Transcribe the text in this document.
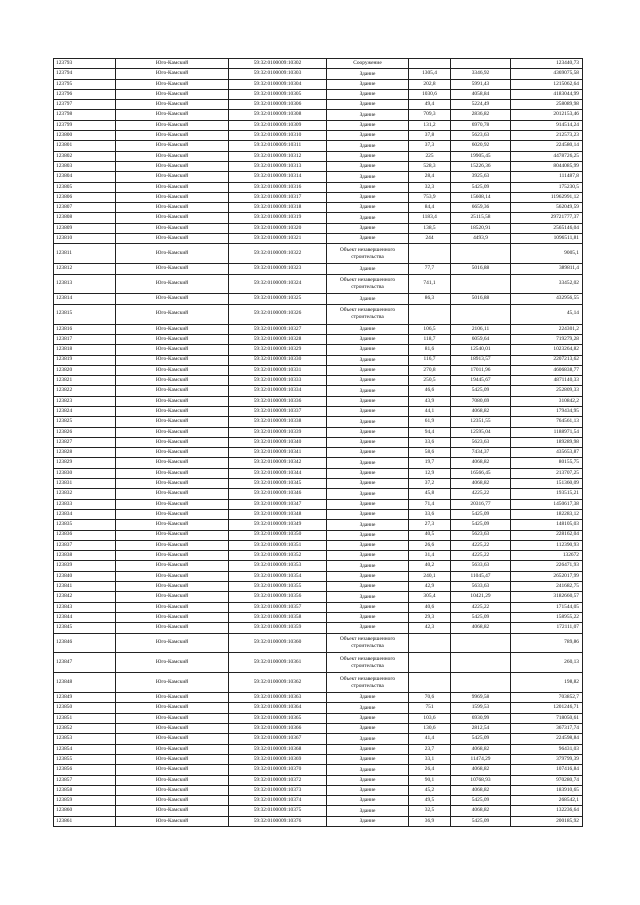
123793	Юго-Камский	59:32:0100009:10302	Сооружение			123440,73
123794	Юго-Камский	59:32:0100009:10303	Здание	1305,4	3346,92	4369075,58
123795	Юго-Камский	59:32:0100009:10304	Здание	202,8	5991,43	1215062,64
123796	Юго-Камский	59:32:0100009:10305	Здание	1030,6	4058,84	4183044,99
123797	Юго-Камский	59:32:0100009:10306	Здание	49,4	5224,49	258089,98
123798	Юго-Камский	59:32:0100009:10308	Здание	709,3	2836,82	2012153,46
123799	Юго-Камский	59:32:0100009:10309	Здание	131,2	6970,78	914514,24
123800	Юго-Камский	59:32:0100009:10310	Здание	37,8	5623,63	212573,23
123801	Юго-Камский	59:32:0100009:10311	Здание	37,3	6020,92	224580,14
123802	Юго-Камский	59:32:0100009:10312	Здание	225	19905,45	4478726,25
123803	Юго-Камский	59:32:0100009:10313	Здание	528,3	15226,36	8044085,99
123804	Юго-Камский	59:32:0100009:10314	Здание	28,4	3925,63	111487,8
123805	Юго-Камский	59:32:0100009:10316	Здание	32,3	5425,09	175230,5
123806	Юго-Камский	59:32:0100009:10317	Здание	753,9	15608,14	11962991,12
123807	Юго-Камский	59:32:0100009:10318	Здание	84,4	6659,36	562049,59
123808	Юго-Камский	59:32:0100009:10319	Здание	1183,4	25115,58	29721777,37
123809	Юго-Камский	59:32:0100009:10320	Здание	138,5	18520,91	2565146,04
123810	Юго-Камский	59:32:0100009:10321	Здание	244	4493,9	1096511,81
123811	Юго-Камский	59:32:0100009:10322	Объект незавершенного строительства			9005,1
123812	Юго-Камский	59:32:0100009:10323	Здание	77,7	5016,88	389811,4
123813	Юго-Камский	59:32:0100009:10324	Объект незавершенного строительства	741,1		33452,02
123814	Юго-Камский	59:32:0100009:10325	Здание	86,3	5016,88	432956,55
123815	Юго-Камский	59:32:0100009:10326	Объект незавершенного строительства			45,14
123816	Юго-Камский	59:32:0100009:10327	Здание	106,5	2106,11	224301,2
123817	Юго-Камский	59:32:0100009:10328	Здание	118,7	6059,64	719279,28
123818	Юго-Камский	59:32:0100009:10329	Здание	81,6	12540,01	1023264,82
123819	Юго-Камский	59:32:0100009:10330	Здание	116,7	18913,57	2207213,62
123820	Юго-Камский	59:32:0100009:10331	Здание	270,8	17011,96	4606838,77
123821	Юго-Камский	59:32:0100009:10333	Здание	250,5	19445,67	4871140,33
123822	Юго-Камский	59:32:0100009:10334	Здание	46,6	5425,09	252809,33
123823	Юго-Камский	59:32:0100009:10336	Здание	43,9	7080,69	310842,2
123824	Юго-Камский	59:32:0100009:10337	Здание	44,1	4068,82	179434,95
123825	Юго-Камский	59:32:0100009:10338	Здание	61,9	12351,55	764561,13
123826	Юго-Камский	59:32:0100009:10339	Здание	94,4	12595,04	1188971,54
123827	Юго-Камский	59:32:0100009:10340	Здание	33,6	5623,63	189289,98
123828	Юго-Камский	59:32:0100009:10341	Здание	58,6	7434,37	435653,87
123829	Юго-Камский	59:32:0100009:10342	Здание	19,7	4068,82	80155,75
123830	Юго-Камский	59:32:0100009:10344	Здание	12,9	16566,45	213707,25
123831	Юго-Камский	59:32:0100009:10345	Здание	37,2	4068,82	151360,09
123832	Юго-Камский	59:32:0100009:10346	Здание	45,8	4225,22	193515,21
123833	Юго-Камский	59:32:0100009:10347	Здание	71,4	20316,77	1450617,38
123834	Юго-Камский	59:32:0100009:10348	Здание	33,6	5425,09	182283,12
123835	Юго-Камский	59:32:0100009:10349	Здание	27,3	5425,09	148105,03
123836	Юго-Камский	59:32:0100009:10350	Здание	40,5	5623,63	228162,04
123837	Юго-Камский	59:32:0100009:10351	Здание	26,6	4225,22	112390,93
123838	Юго-Камский	59:32:0100009:10352	Здание	31,4	4225,22	132672
123839	Юго-Камский	59:32:0100009:10353	Здание	40,2	5633,63	226471,93
123840	Юго-Камский	59:32:0100009:10354	Здание	240,1	11045,47	2652017,99
123841	Юго-Камский	59:32:0100009:10355	Здание	42,9	5633,63	241682,75
123842	Юго-Камский	59:32:0100009:10356	Здание	305,4	10421,29	3182660,57
123843	Юго-Камский	59:32:0100009:10357	Здание	40,6	4225,22	171544,05
123844	Юго-Камский	59:32:0100009:10358	Здание	29,3	5425,09	158955,22
123845	Юго-Камский	59:32:0100009:10359	Здание	42,3	4068,82	172111,07
123846	Юго-Камский	59:32:0100009:10360	Объект незавершенного строительства			789,86
123847	Юго-Камский	59:32:0100009:10361	Объект незавершенного строительства			260,13
123848	Юго-Камский	59:32:0100009:10362	Объект незавершенного строительства			198,82
123849	Юго-Камский	59:32:0100009:10363	Здание	70,6	9969,58	703852,7
123850	Юго-Камский	59:32:0100009:10364	Здание	751	1599,53	1201246,71
123851	Юго-Камский	59:32:0100009:10365	Здание	103,6	6930,99	718050,61
123852	Юго-Камский	59:32:0100009:10366	Здание	130,6	2812,54	367317,74
123853	Юго-Камский	59:32:0100009:10367	Здание	41,4	5425,09	224598,84
123854	Юго-Камский	59:32:0100009:10368	Здание	23,7	4068,82	96431,03
123855	Юго-Камский	59:32:0100009:10369	Здание	33,1	11474,29	379799,39
123856	Юго-Камский	59:32:0100009:10370	Здание	26,4	4068,82	107416,84
123857	Юго-Камский	59:32:0100009:10372	Здание	90,1	10768,93	970280,74
123858	Юго-Камский	59:32:0100009:10373	Здание	45,2	4068,82	183910,65
123859	Юго-Камский	59:32:0100009:10374	Здание	49,5	5425,09	268542,1
123860	Юго-Камский	59:32:0100009:10375	Здание	32,5	4068,82	132236,64
123861	Юго-Камский	59:32:0100009:10376	Здание	36,9	5425,09	200185,92
